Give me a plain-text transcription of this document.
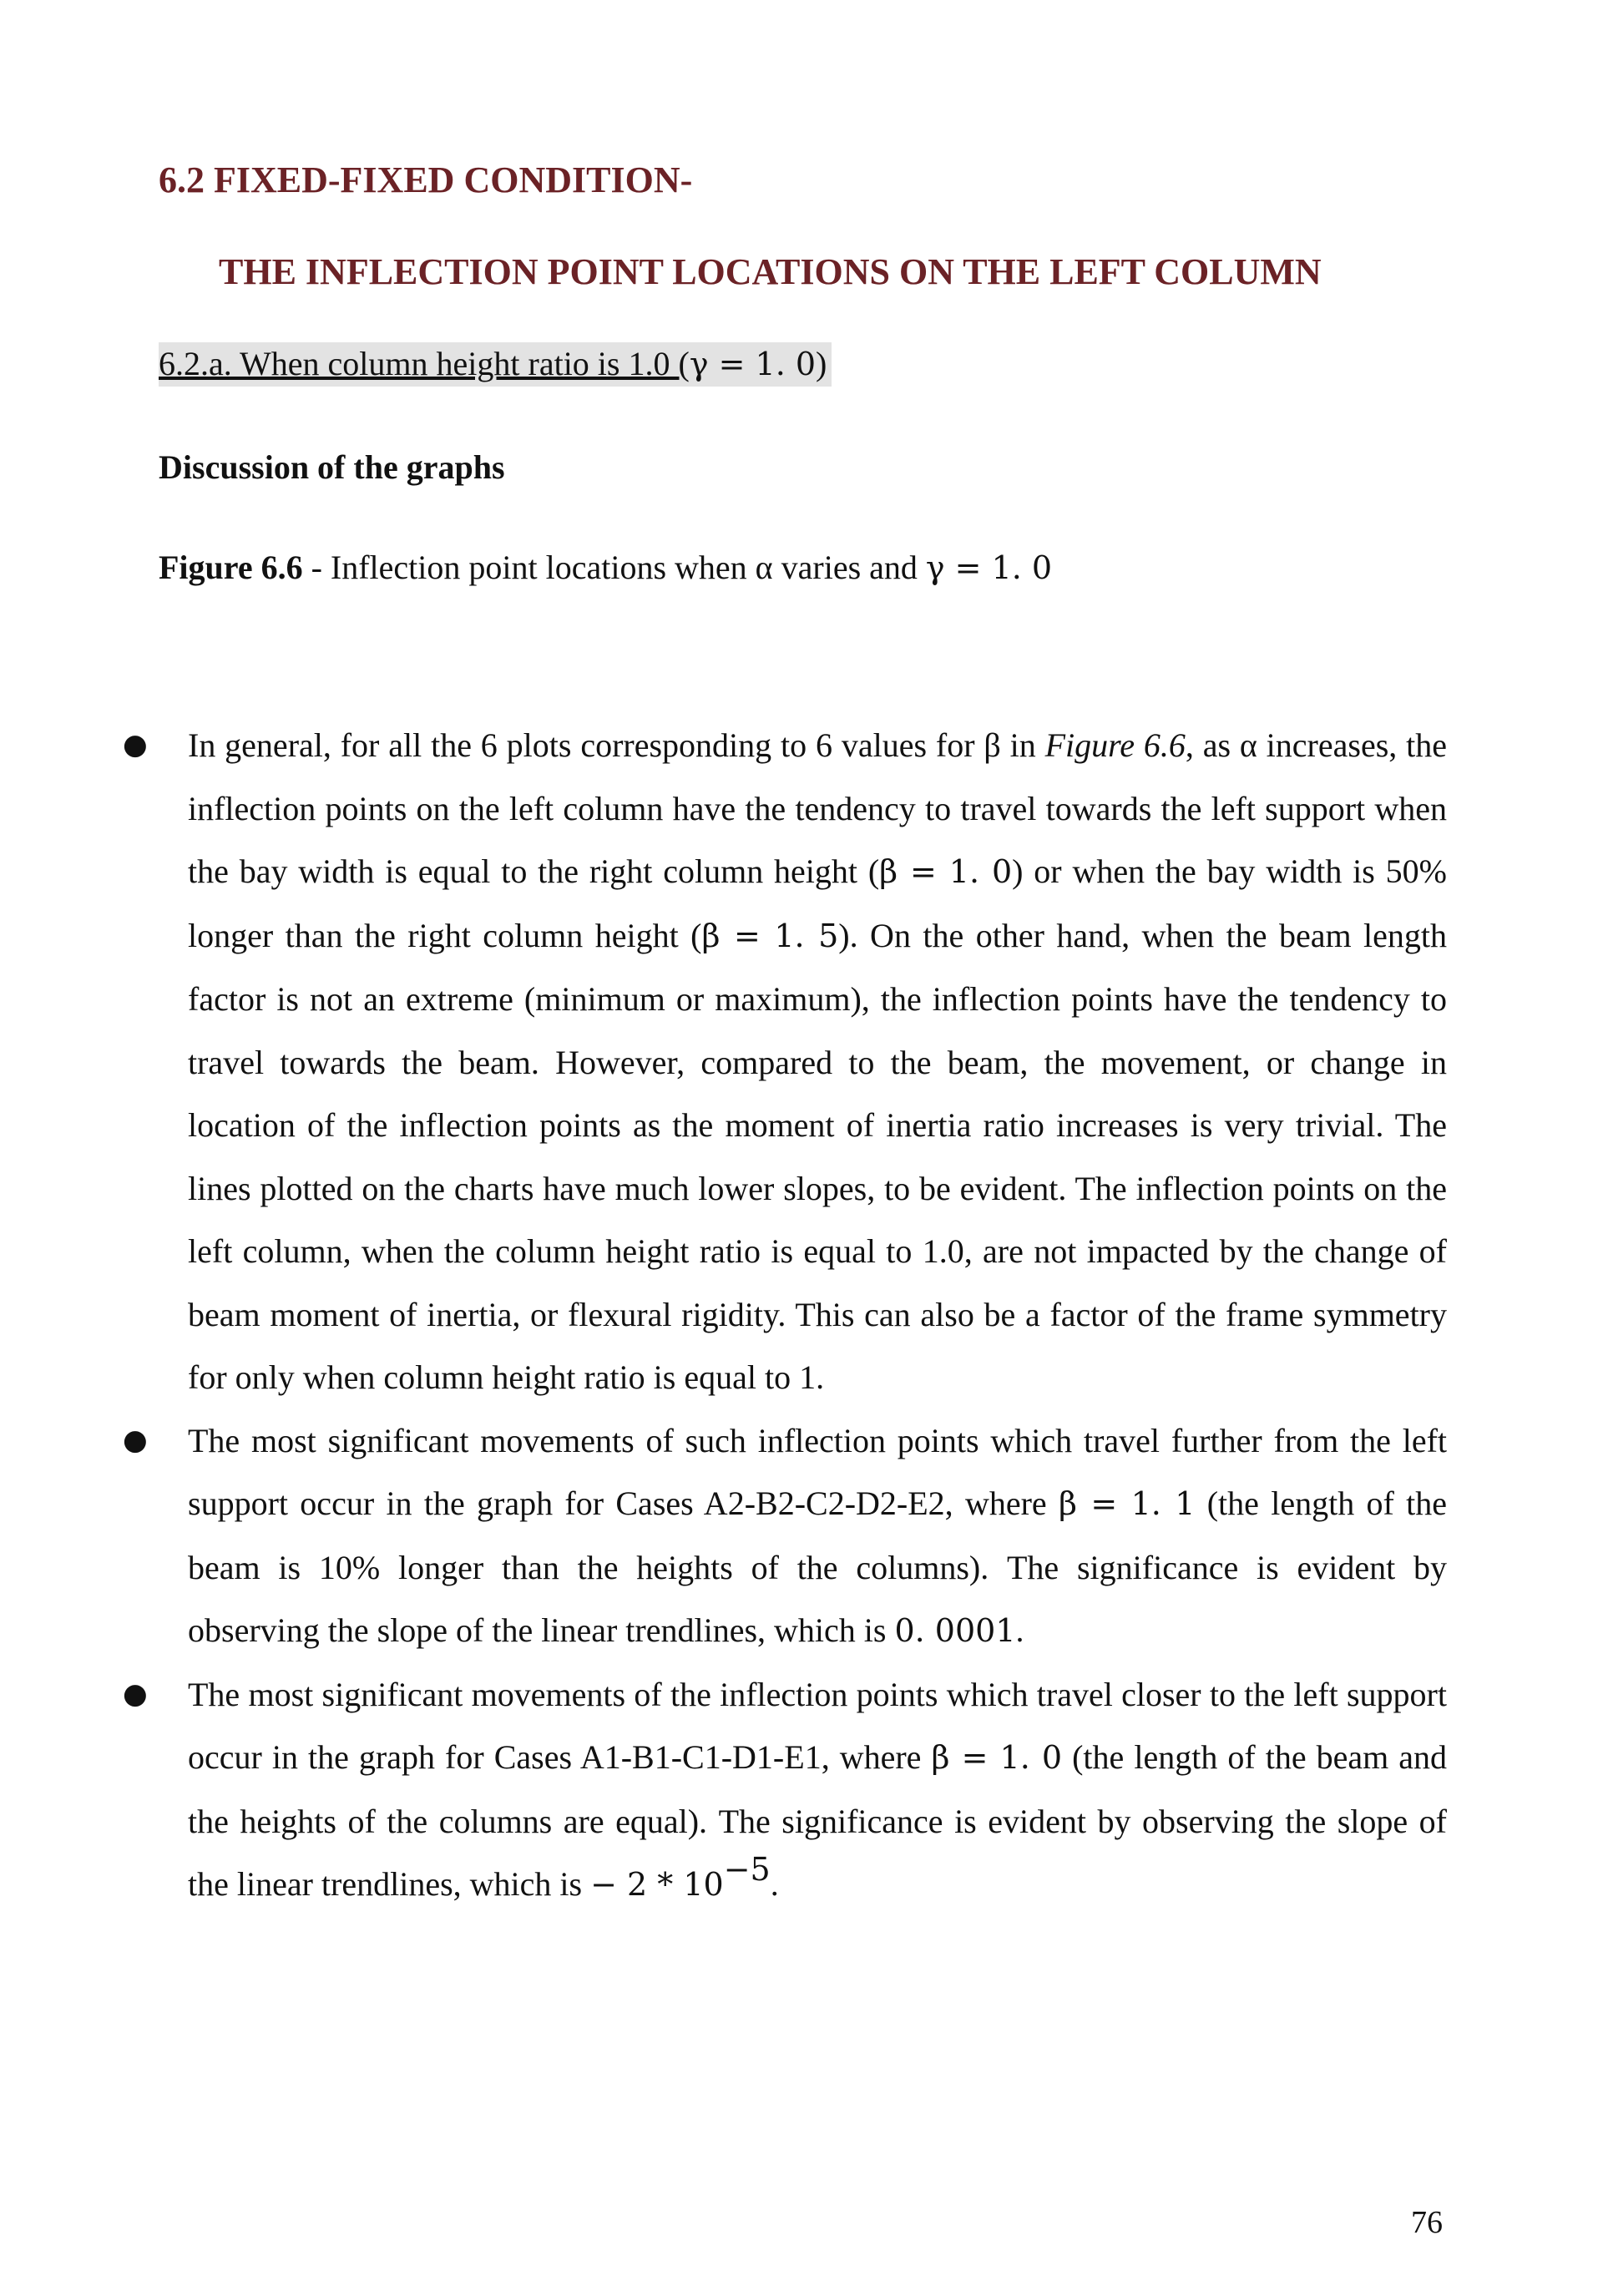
6.2 FIXED-FIXED CONDITION-
THE INFLECTION POINT LOCATIONS ON THE LEFT COLUMN
6.2.a. When column height ratio is 1.0 (γ = 1. 0)

Discussion of the graphs

Figure 6.6 - Inflection point locations when α varies and γ = 1. 0

● In general, for all the 6 plots corresponding to 6 values for β in Figure 6.6, as α increases, the inflection points on the left column have the tendency to travel towards the left support when the bay width is equal to the right column height (β = 1. 0) or when the bay width is 50% longer than the right column height (β = 1. 5). On the other hand, when the beam length factor is not an extreme (minimum or maximum), the inflection points have the tendency to travel towards the beam. However, compared to the beam, the movement, or change in location of the inflection points as the moment of inertia ratio increases is very trivial. The lines plotted on the charts have much lower slopes, to be evident. The inflection points on the left column, when the column height ratio is equal to 1.0, are not impacted by the change of beam moment of inertia, or flexural rigidity. This can also be a factor of the frame symmetry for only when column height ratio is equal to 1.
● The most significant movements of such inflection points which travel further from the left support occur in the graph for Cases A2-B2-C2-D2-E2, where β = 1. 1 (the length of the beam is 10% longer than the heights of the columns). The significance is evident by observing the slope of the linear trendlines, which is 0. 0001.
● The most significant movements of the inflection points which travel closer to the left support occur in the graph for Cases A1-B1-C1-D1-E1, where β = 1. 0 (the length of the beam and the heights of the columns are equal). The significance is evident by observing the slope of the linear trendlines, which is − $2 * 10^{-5}$.

76
